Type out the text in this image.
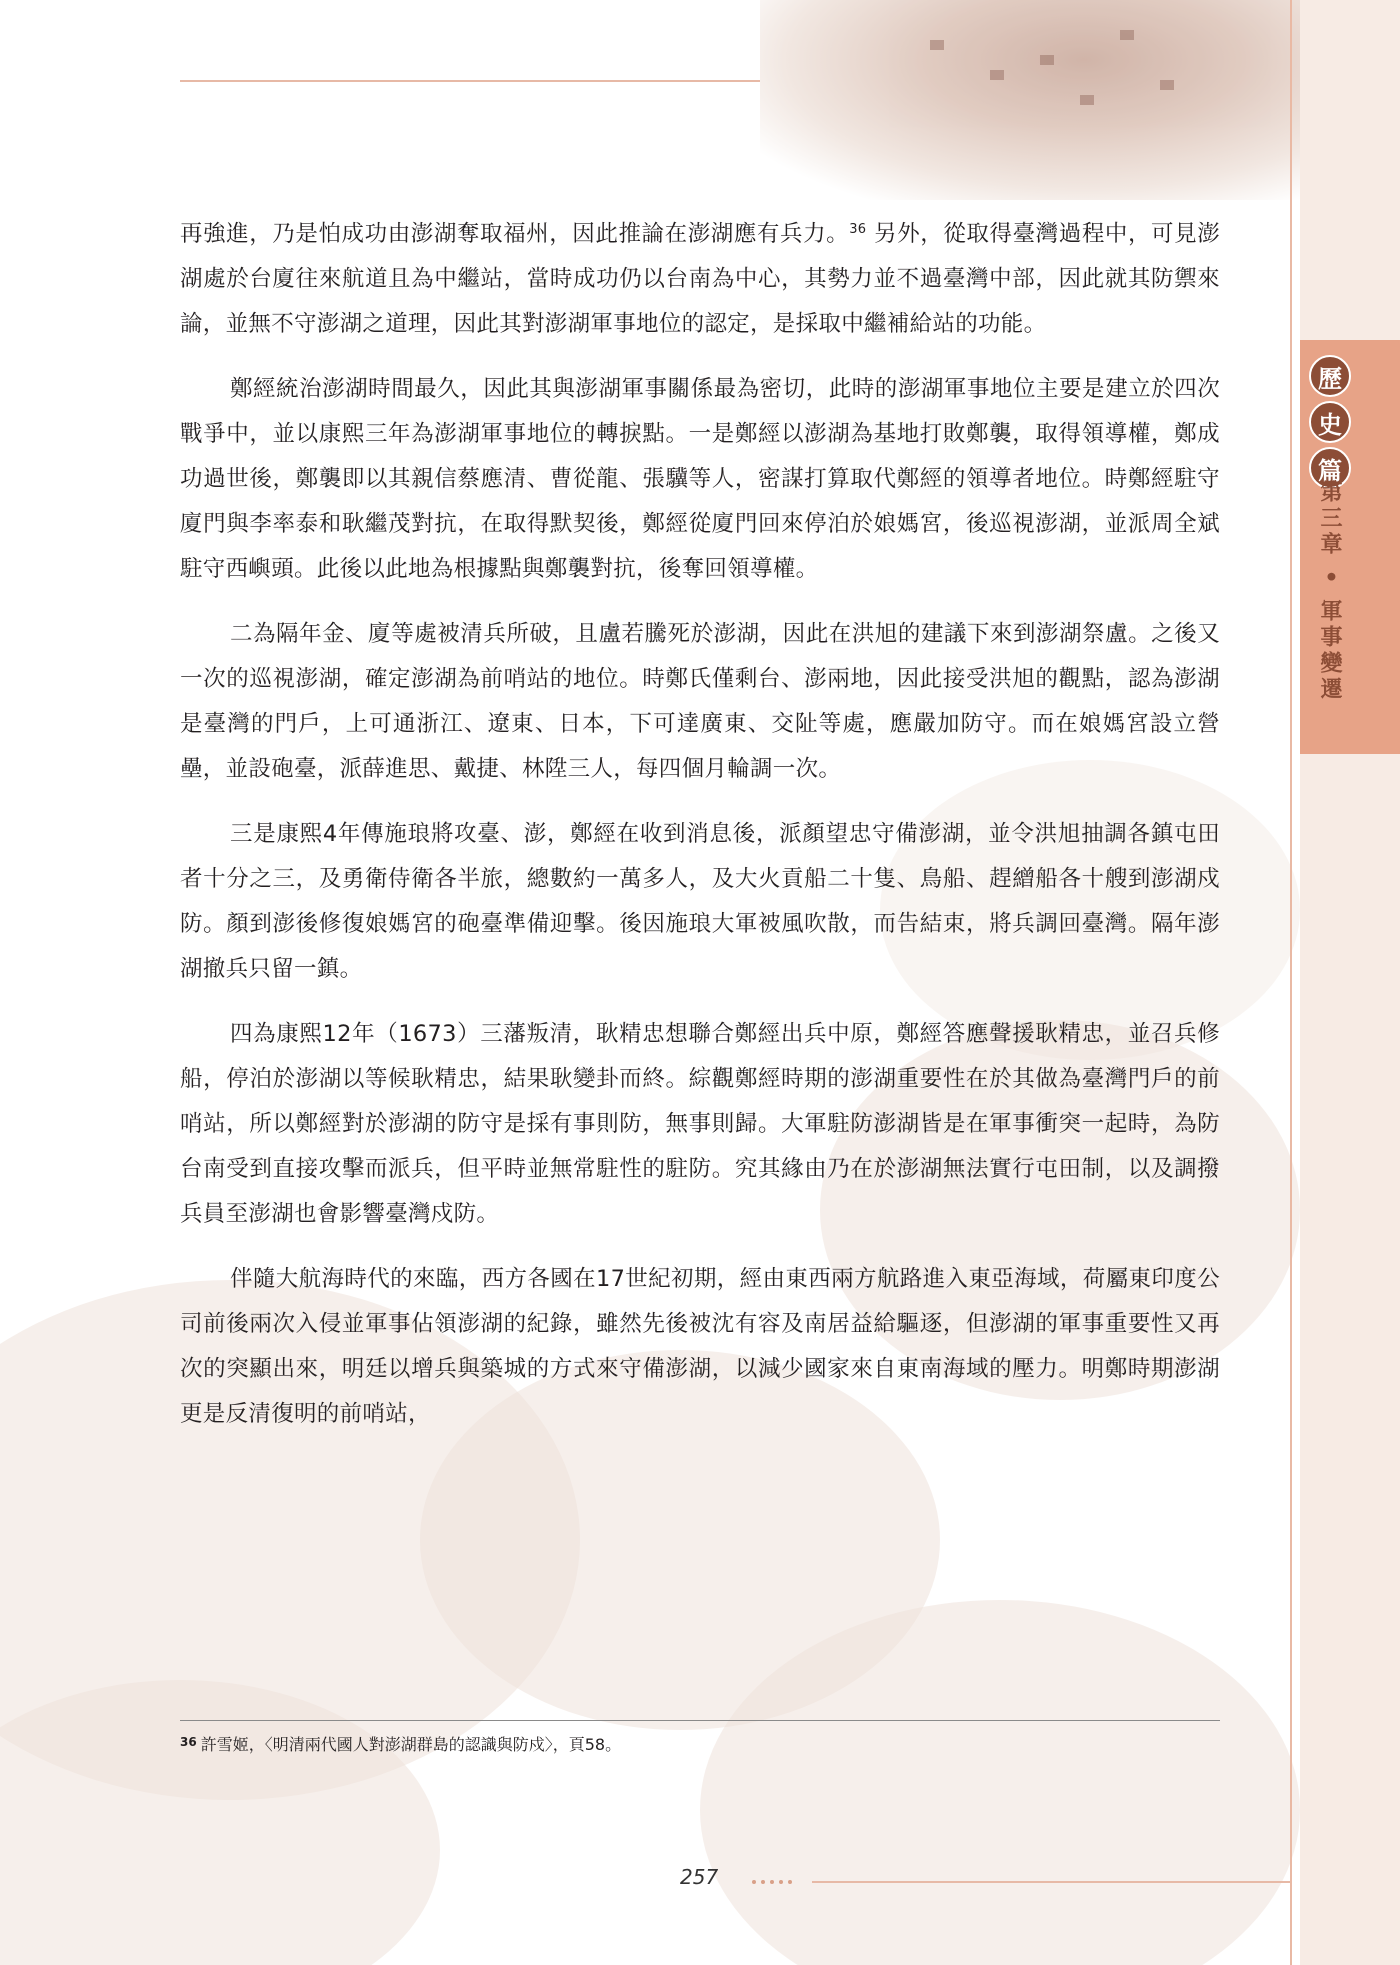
歷
史
篇
第三章 • 軍事變遷

再強進，乃是怕成功由澎湖奪取福州，因此推論在澎湖應有兵力。$^{36}$ 另外，從取得臺灣過程中，可見澎湖處於台廈往來航道且為中繼站，當時成功仍以台南為中心，其勢力並不過臺灣中部，因此就其防禦來論，並無不守澎湖之道理，因此其對澎湖軍事地位的認定，是採取中繼補給站的功能。

鄭經統治澎湖時間最久，因此其與澎湖軍事關係最為密切，此時的澎湖軍事地位主要是建立於四次戰爭中，並以康熙三年為澎湖軍事地位的轉捩點。一是鄭經以澎湖為基地打敗鄭襲，取得領導權，鄭成功過世後，鄭襲即以其親信蔡應清、曹從龍、張驥等人，密謀打算取代鄭經的領導者地位。時鄭經駐守廈門與李率泰和耿繼茂對抗，在取得默契後，鄭經從廈門回來停泊於娘媽宮，後巡視澎湖，並派周全斌駐守西嶼頭。此後以此地為根據點與鄭襲對抗，後奪回領導權。

二為隔年金、廈等處被清兵所破，且盧若騰死於澎湖，因此在洪旭的建議下來到澎湖祭盧。之後又一次的巡視澎湖，確定澎湖為前哨站的地位。時鄭氏僅剩台、澎兩地，因此接受洪旭的觀點，認為澎湖是臺灣的門戶，上可通浙江、遼東、日本，下可達廣東、交阯等處，應嚴加防守。而在娘媽宮設立營壘，並設砲臺，派薛進思、戴捷、林陞三人，每四個月輪調一次。

三是康熙4年傳施琅將攻臺、澎，鄭經在收到消息後，派顏望忠守備澎湖，並令洪旭抽調各鎮屯田者十分之三，及勇衛侍衛各半旅，總數約一萬多人，及大火貢船二十隻、鳥船、趕繒船各十艘到澎湖戍防。顏到澎後修復娘媽宮的砲臺準備迎擊。後因施琅大軍被風吹散，而告結束，將兵調回臺灣。隔年澎湖撤兵只留一鎮。

四為康熙12年（1673）三藩叛清，耿精忠想聯合鄭經出兵中原，鄭經答應聲援耿精忠，並召兵修船，停泊於澎湖以等候耿精忠，結果耿變卦而終。綜觀鄭經時期的澎湖重要性在於其做為臺灣門戶的前哨站，所以鄭經對於澎湖的防守是採有事則防，無事則歸。大軍駐防澎湖皆是在軍事衝突一起時，為防台南受到直接攻擊而派兵，但平時並無常駐性的駐防。究其緣由乃在於澎湖無法實行屯田制，以及調撥兵員至澎湖也會影響臺灣戍防。

伴隨大航海時代的來臨，西方各國在17世紀初期，經由東西兩方航路進入東亞海域，荷屬東印度公司前後兩次入侵並軍事佔領澎湖的紀錄，雖然先後被沈有容及南居益給驅逐，但澎湖的軍事重要性又再次的突顯出來，明廷以增兵與築城的方式來守備澎湖，以減少國家來自東南海域的壓力。明鄭時期澎湖更是反清復明的前哨站，

$^{36}$ 許雪姬，〈明清兩代國人對澎湖群島的認識與防戍〉，頁58。
257
